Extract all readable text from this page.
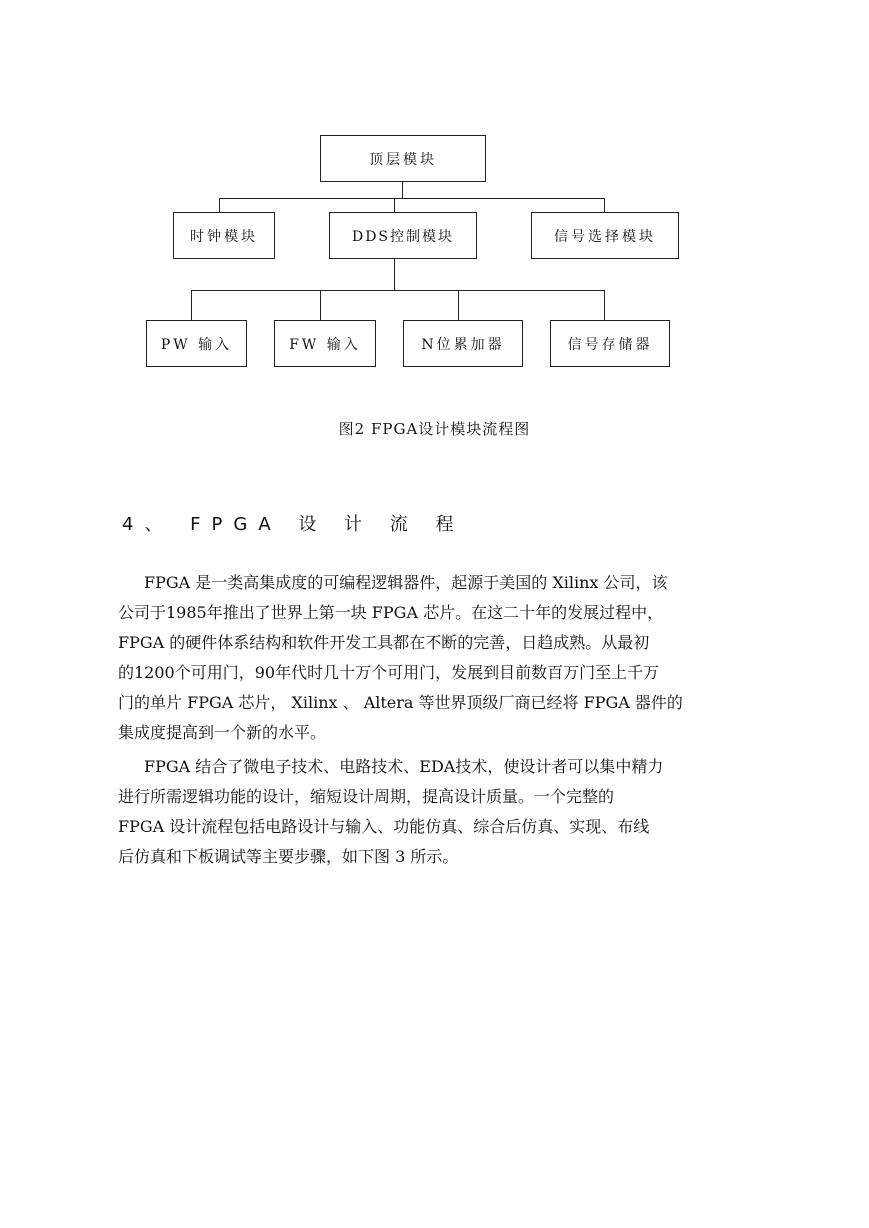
顶层模块
时钟模块	DDS控制模块	信号选择模块
PW 输入	FW 输入	N位累加器	信号存储器
图2 FPGA设计模块流程图
4、 FPGA 设 计 流 程

FPGA 是一类高集成度的可编程逻辑器件，起源于美国的 Xilinx 公司，该

公司于1985年推出了世界上第一块 FPGA 芯片。在这二十年的发展过程中，

FPGA 的硬件体系结构和软件开发工具都在不断的完善，日趋成熟。从最初

的1200个可用门，90年代时几十万个可用门，发展到目前数百万门至上千万

门的单片 FPGA 芯片， Xilinx 、 Altera 等世界顶级厂商已经将 FPGA 器件的

集成度提高到一个新的水平。

FPGA 结合了微电子技术、电路技术、EDA技术，使设计者可以集中精力

进行所需逻辑功能的设计，缩短设计周期，提高设计质量。一个完整的

FPGA 设计流程包括电路设计与输入、功能仿真、综合后仿真、实现、布线

后仿真和下板调试等主要步骤，如下图 3 所示。
